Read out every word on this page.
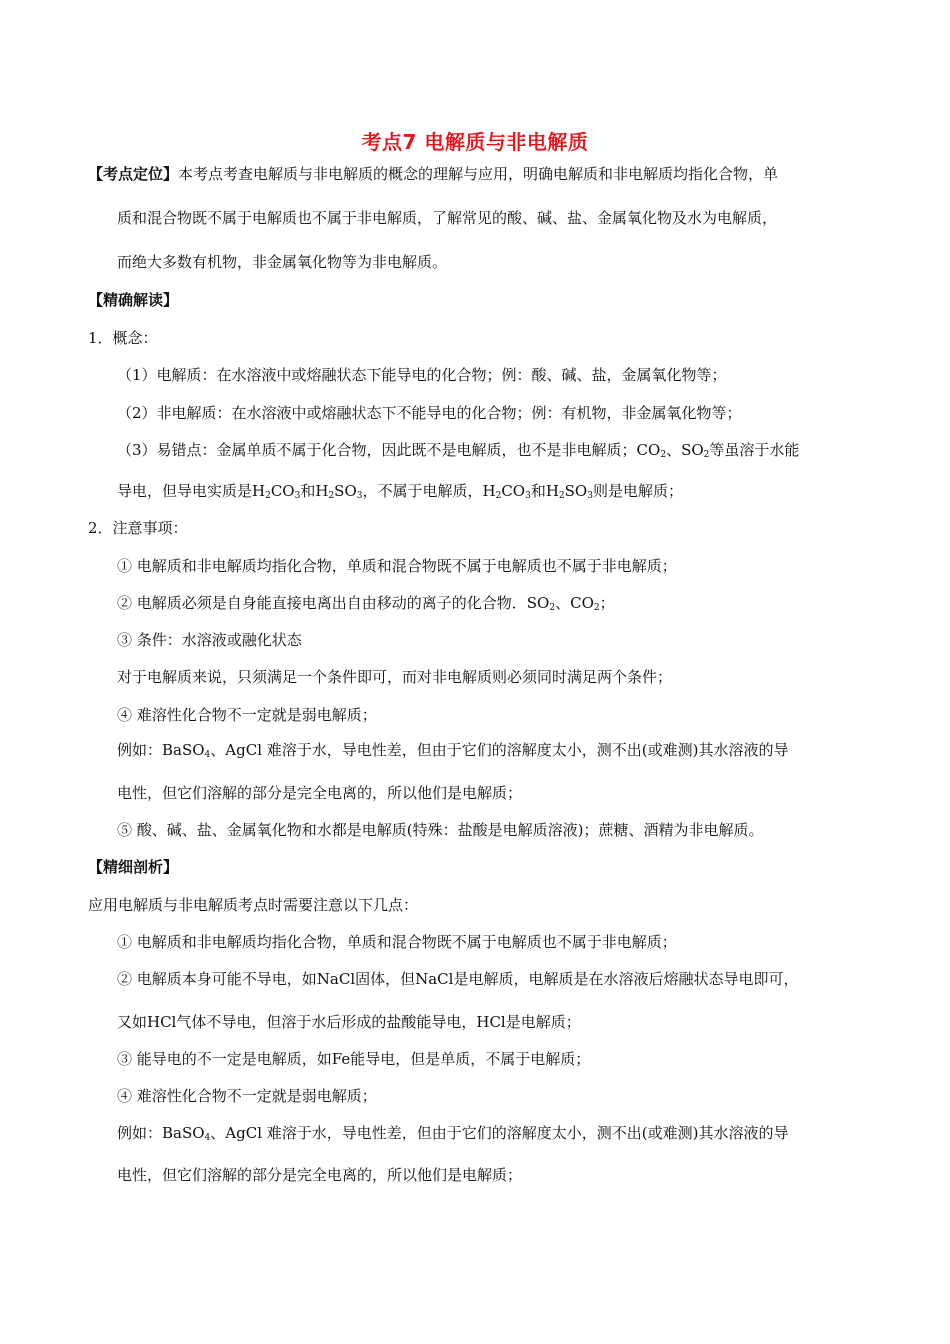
考点7 电解质与非电解质
【考点定位】本考点考查电解质与非电解质的概念的理解与应用，明确电解质和非电解质均指化合物，单
质和混合物既不属于电解质也不属于非电解质，了解常见的酸、碱、盐、金属氧化物及水为电解质，
而绝大多数有机物，非金属氧化物等为非电解质。
【精确解读】
1．概念：
（1）电解质：在水溶液中或熔融状态下能导电的化合物；例：酸、碱、盐，金属氧化物等；
（2）非电解质：在水溶液中或熔融状态下不能导电的化合物；例：有机物，非金属氧化物等；
（3）易错点：金属单质不属于化合物，因此既不是电解质，也不是非电解质；$CO_2$、$SO_2$等虽溶于水能
导电，但导电实质是$H_2CO_3$和$H_2SO_3$，不属于电解质，$H_2CO_3$和$H_2SO_3$则是电解质；
2．注意事项：
① 电解质和非电解质均指化合物，单质和混合物既不属于电解质也不属于非电解质；
② 电解质必须是自身能直接电离出自由移动的离子的化合物．$SO_2$、$CO_2$；
③ 条件：水溶液或融化状态
对于电解质来说，只须满足一个条件即可，而对非电解质则必须同时满足两个条件；
④ 难溶性化合物不一定就是弱电解质；
例如：BaSO$_4$、AgCl 难溶于水，导电性差，但由于它们的溶解度太小，测不出(或难测)其水溶液的导
电性，但它们溶解的部分是完全电离的，所以他们是电解质；
⑤ 酸、碱、盐、金属氧化物和水都是电解质(特殊：盐酸是电解质溶液)；蔗糖、酒精为非电解质。
【精细剖析】
应用电解质与非电解质考点时需要注意以下几点：
① 电解质和非电解质均指化合物，单质和混合物既不属于电解质也不属于非电解质；
② 电解质本身可能不导电，如NaCl固体，但NaCl是电解质，电解质是在水溶液后熔融状态导电即可，
又如HCl气体不导电，但溶于水后形成的盐酸能导电，HCl是电解质；
③ 能导电的不一定是电解质，如Fe能导电，但是单质，不属于电解质；
④ 难溶性化合物不一定就是弱电解质；
例如：BaSO$_4$、AgCl 难溶于水，导电性差，但由于它们的溶解度太小，测不出(或难测)其水溶液的导
电性，但它们溶解的部分是完全电离的，所以他们是电解质；
